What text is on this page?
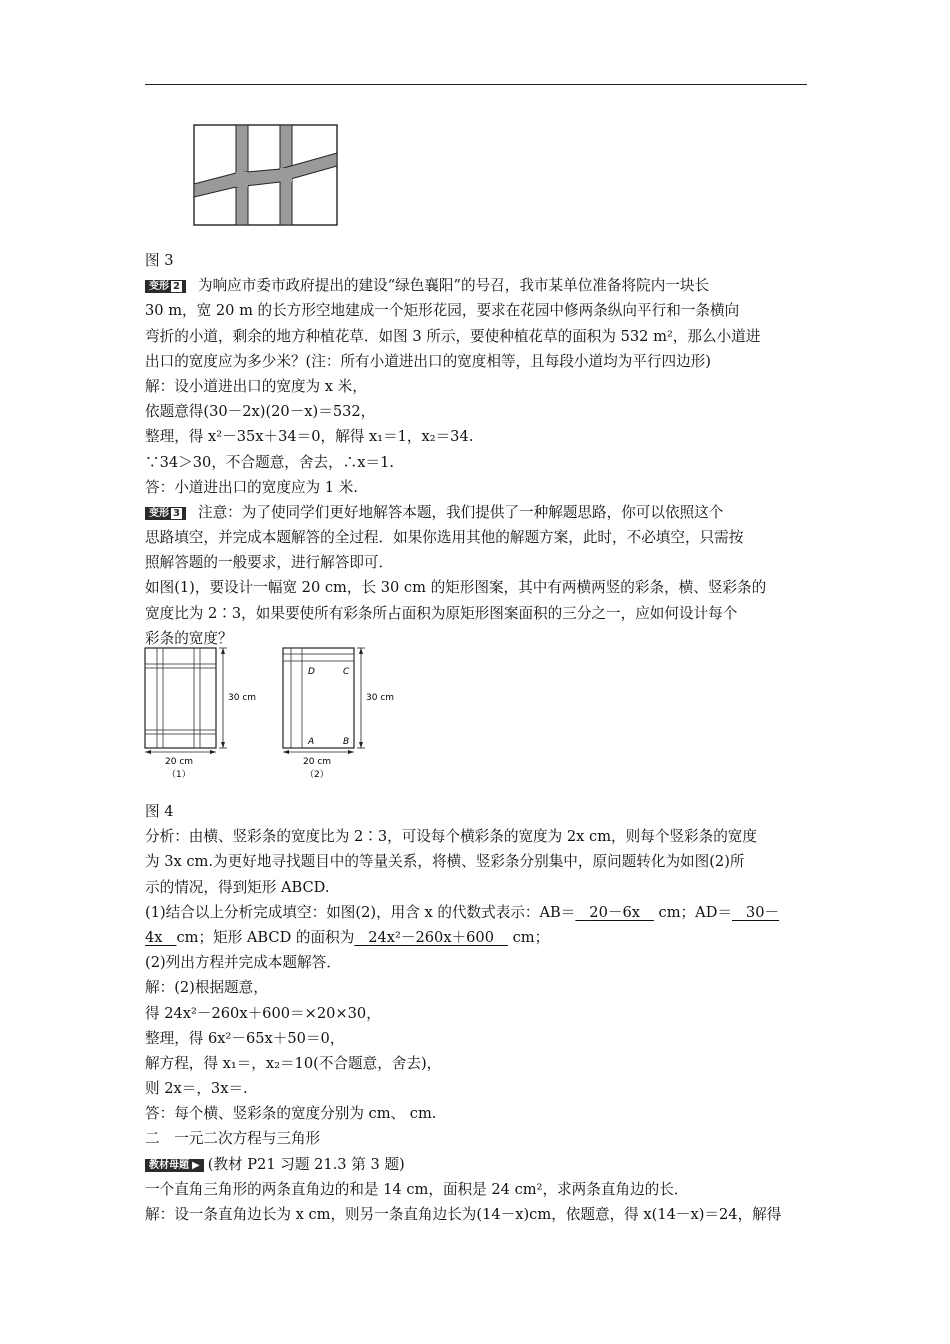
30 cm
20 cm
（1）
D	C
A	B
30 cm
20 cm
（2）
图 3
变形 2 为响应市委市政府提出的建设“绿色襄阳”的号召，我市某单位准备将院内一块长
30 m，宽 20 m 的长方形空地建成一个矩形花园，要求在花园中修两条纵向平行和一条横向
弯折的小道，剩余的地方种植花草．如图 3 所示，要使种植花草的面积为 532 m²，那么小道进
出口的宽度应为多少米？(注：所有小道进出口的宽度相等，且每段小道均为平行四边形)
解：设小道进出口的宽度为 x 米，
依题意得(30－2x)(20－x)＝532，
整理，得 x²－35x＋34＝0，解得 x₁＝1，x₂＝34.
∵34＞30，不合题意，舍去，∴x＝1.
答：小道进出口的宽度应为 1 米.
变形 3 注意：为了使同学们更好地解答本题，我们提供了一种解题思路，你可以依照这个
思路填空，并完成本题解答的全过程．如果你选用其他的解题方案，此时，不必填空，只需按
照解答题的一般要求，进行解答即可．
如图(1)，要设计一幅宽 20 cm，长 30 cm 的矩形图案，其中有两横两竖的彩条，横、竖彩条的
宽度比为 2∶3，如果要使所有彩条所占面积为原矩形图案面积的三分之一，应如何设计每个
彩条的宽度？
图 4
分析：由横、竖彩条的宽度比为 2∶3，可设每个横彩条的宽度为 2x cm，则每个竖彩条的宽度
为 3x cm.为更好地寻找题目中的等量关系，将横、竖彩条分别集中，原问题转化为如图(2)所
示的情况，得到矩形 ABCD.
(1)结合以上分析完成填空：如图(2)，用含 x 的代数式表示：AB＝ 20－6x    cm；AD＝ 30－
4x cm；矩形 ABCD 的面积为 24x²－260x＋600 cm；
(2)列出方程并完成本题解答．
解：(2)根据题意，
得 24x²－260x＋600＝×20×30，
整理，得 6x²－65x＋50＝0，
解方程，得 x₁＝，x₂＝10(不合题意，舍去)，
则 2x＝，3x＝.
答：每个横、竖彩条的宽度分别为 cm、 cm.
二　一元二次方程与三角形
教材母题 ▶ (教材 P21 习题 21.3 第 3 题)
一个直角三角形的两条直角边的和是 14 cm，面积是 24 cm²，求两条直角边的长．
解：设一条直角边长为 x cm，则另一条直角边长为(14－x)cm，依题意，得 x(14－x)＝24，解得
